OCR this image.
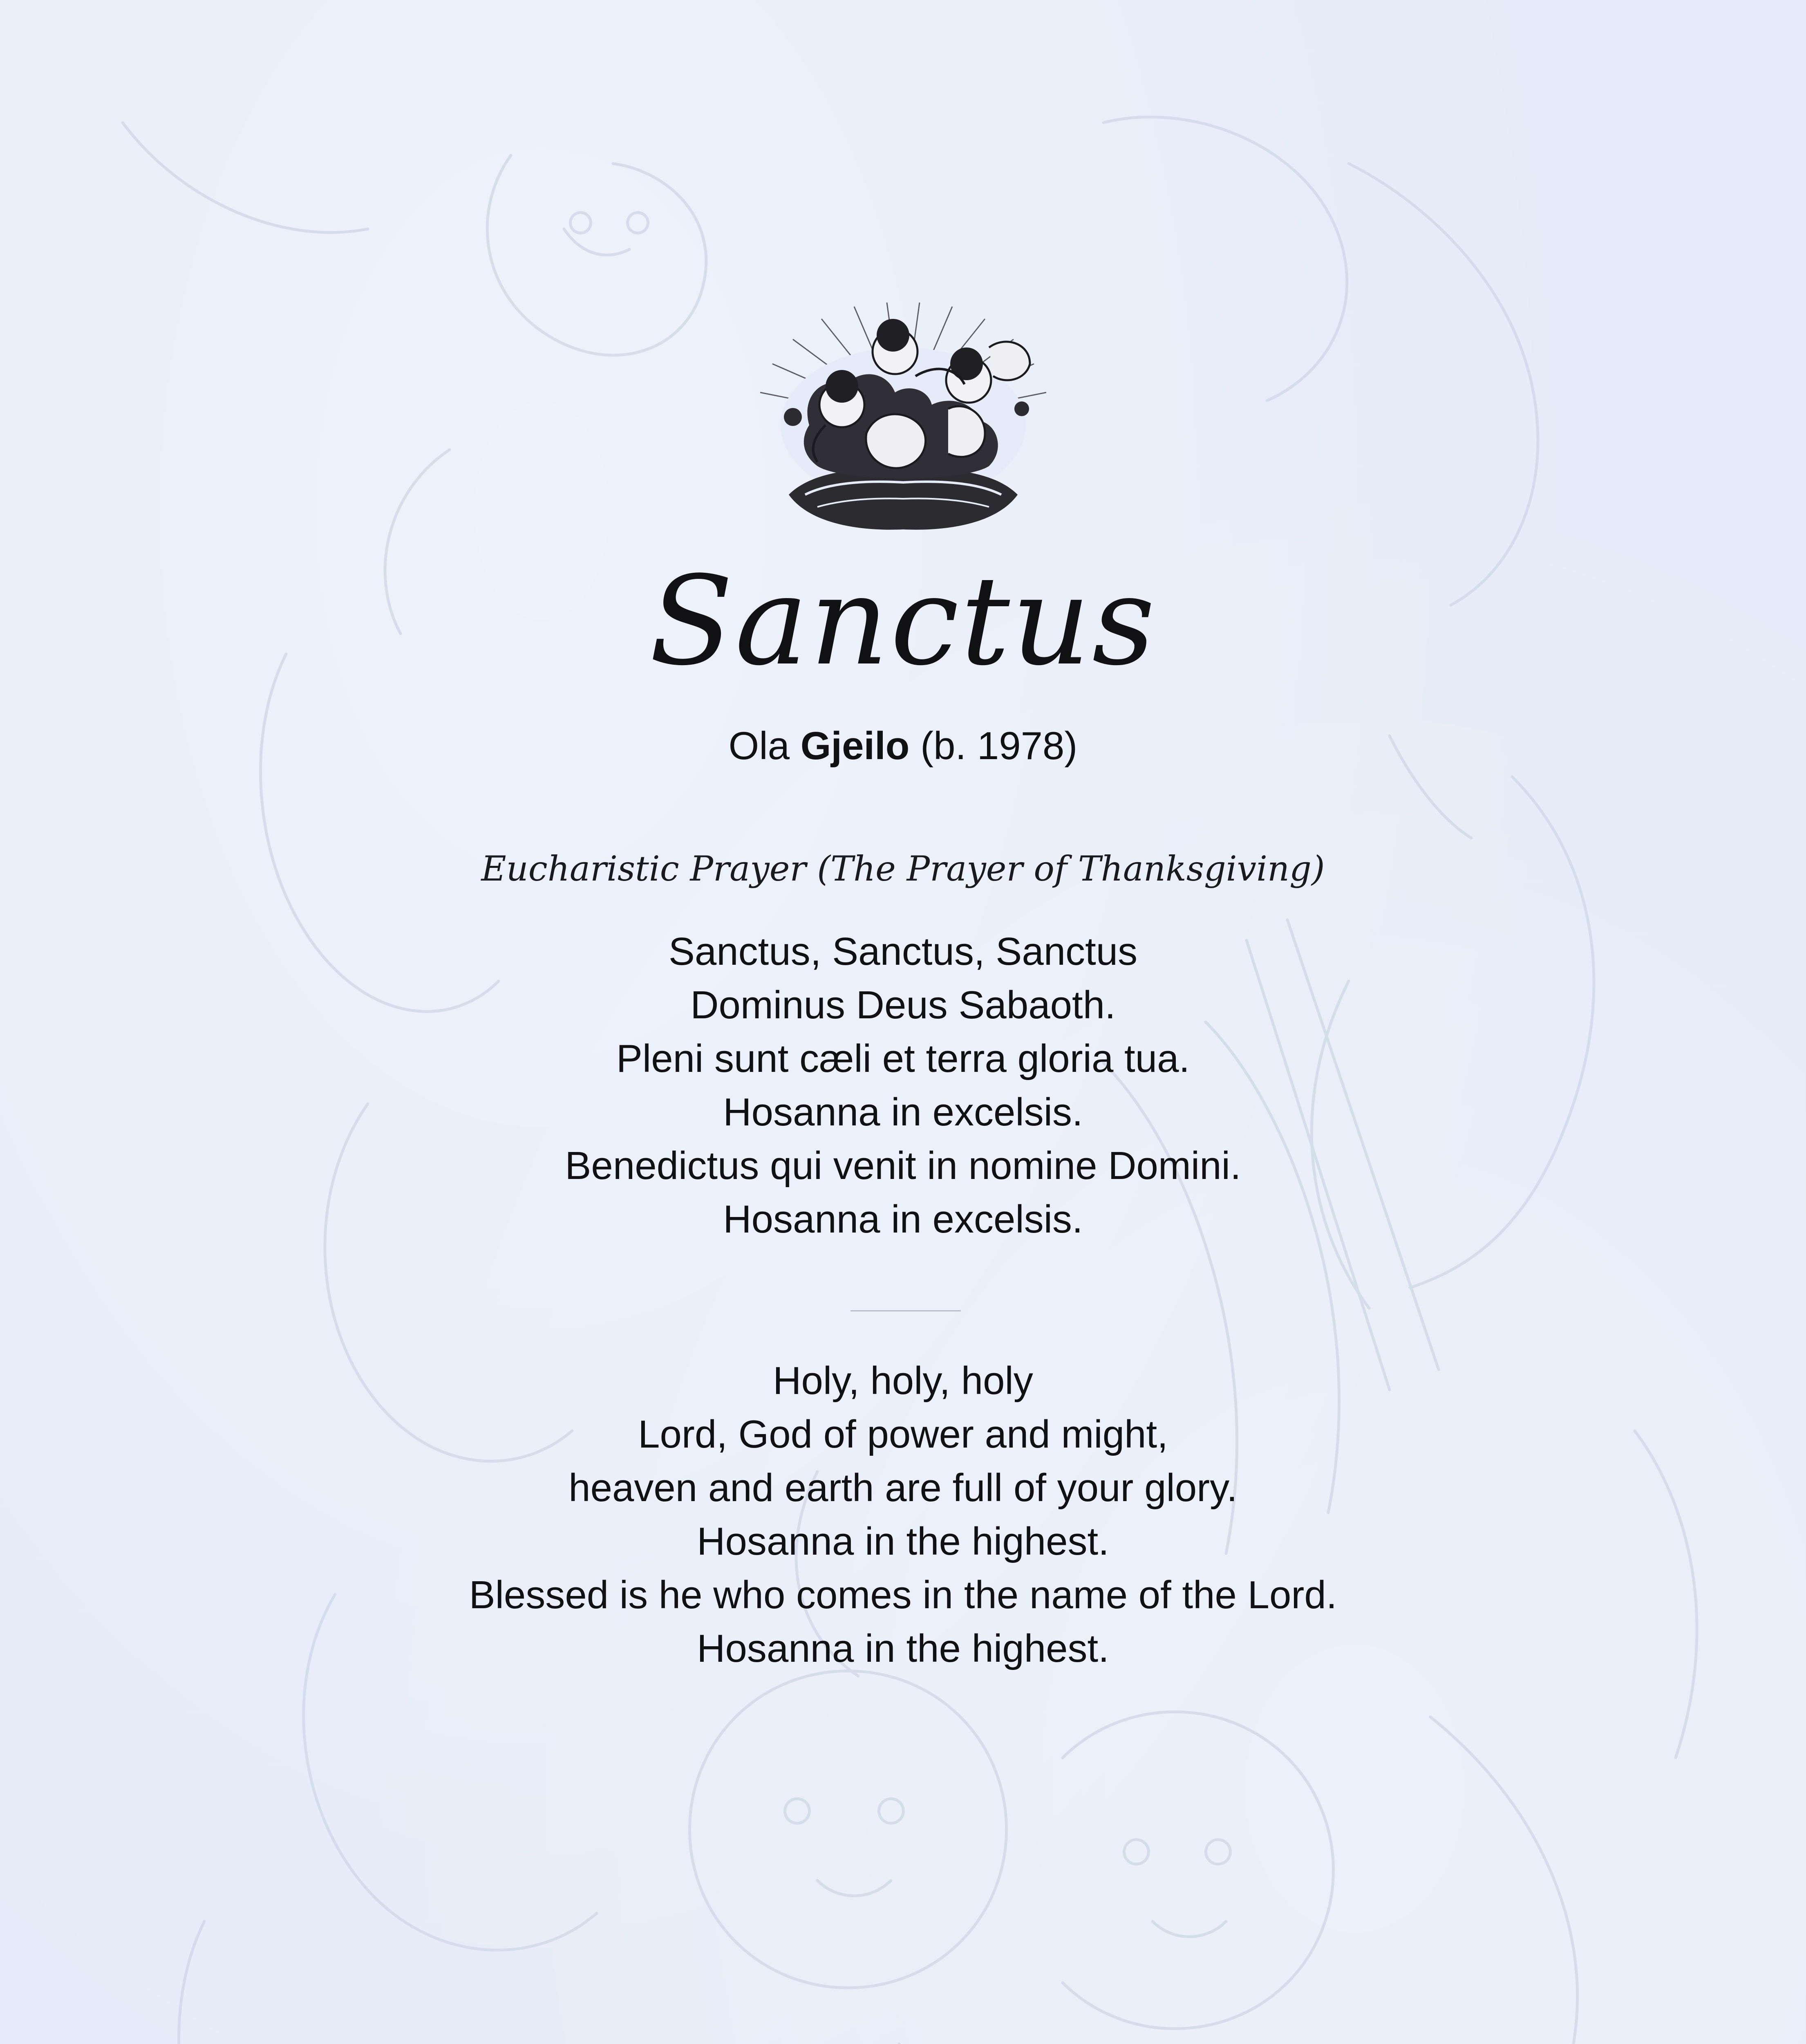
Sanctus
Ola Gjeilo (b. 1978)
Eucharistic Prayer (The Prayer of Thanksgiving)
Sanctus, Sanctus, Sanctus
Dominus Deus Sabaoth.
Pleni sunt cæli et terra gloria tua.
Hosanna in excelsis.
Benedictus qui venit in nomine Domini.
Hosanna in excelsis.
Holy, holy, holy
Lord, God of power and might,
heaven and earth are full of your glory.
Hosanna in the highest.
Blessed is he who comes in the name of the Lord.
Hosanna in the highest.
